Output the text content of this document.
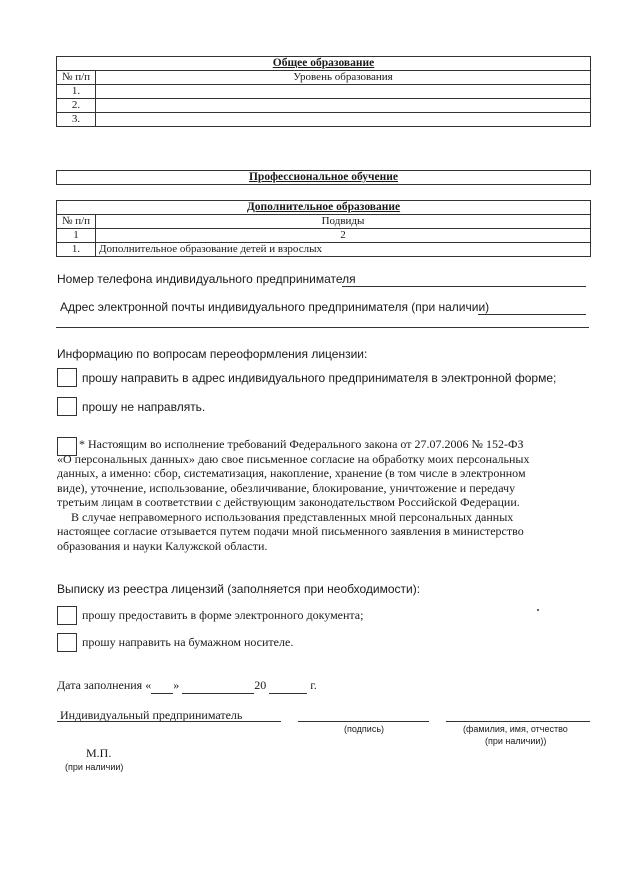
Общее образование	
№ п/п	Уровень образования
1.	
2.	
3.	
Профессиональное обучение
Дополнительное образование	
№ п/п	Подвиды
1	2
1.	Дополнительное образование детей и взрослых
Номер телефона индивидуального предпринимателя
Адрес электронной почты индивидуального предпринимателя (при наличии)
Информацию по вопросам переоформления лицензии:
прошу направить в адрес индивидуального предпринимателя в электронной форме;
прошу не направлять.
* Настоящим во исполнение требований Федерального закона от 27.07.2006 № 152-ФЗ
«О персональных данных» даю свое письменное согласие на обработку моих персональных
данных, а именно: сбор, систематизация, накопление, хранение (в том числе в электронном
виде), уточнение, использование, обезличивание, блокирование, уничтожение и передачу
третьим лицам в соответствии с действующим законодательством Российской Федерации.
В случае неправомерного использования представленных мной персональных данных
настоящее согласие отзывается путем подачи мной письменного заявления в министерство
образования и науки Калужской области.
Выписку из реестра лицензий (заполняется при необходимости):
прошу предоставить в форме электронного документа;
прошу направить на бумажном носителе.
Дата заполнения « »	20	г.
Индивидуальный предприниматель
(подпись)	(фамилия, имя, отчество
(при наличии))
М.П.
(при наличии)
